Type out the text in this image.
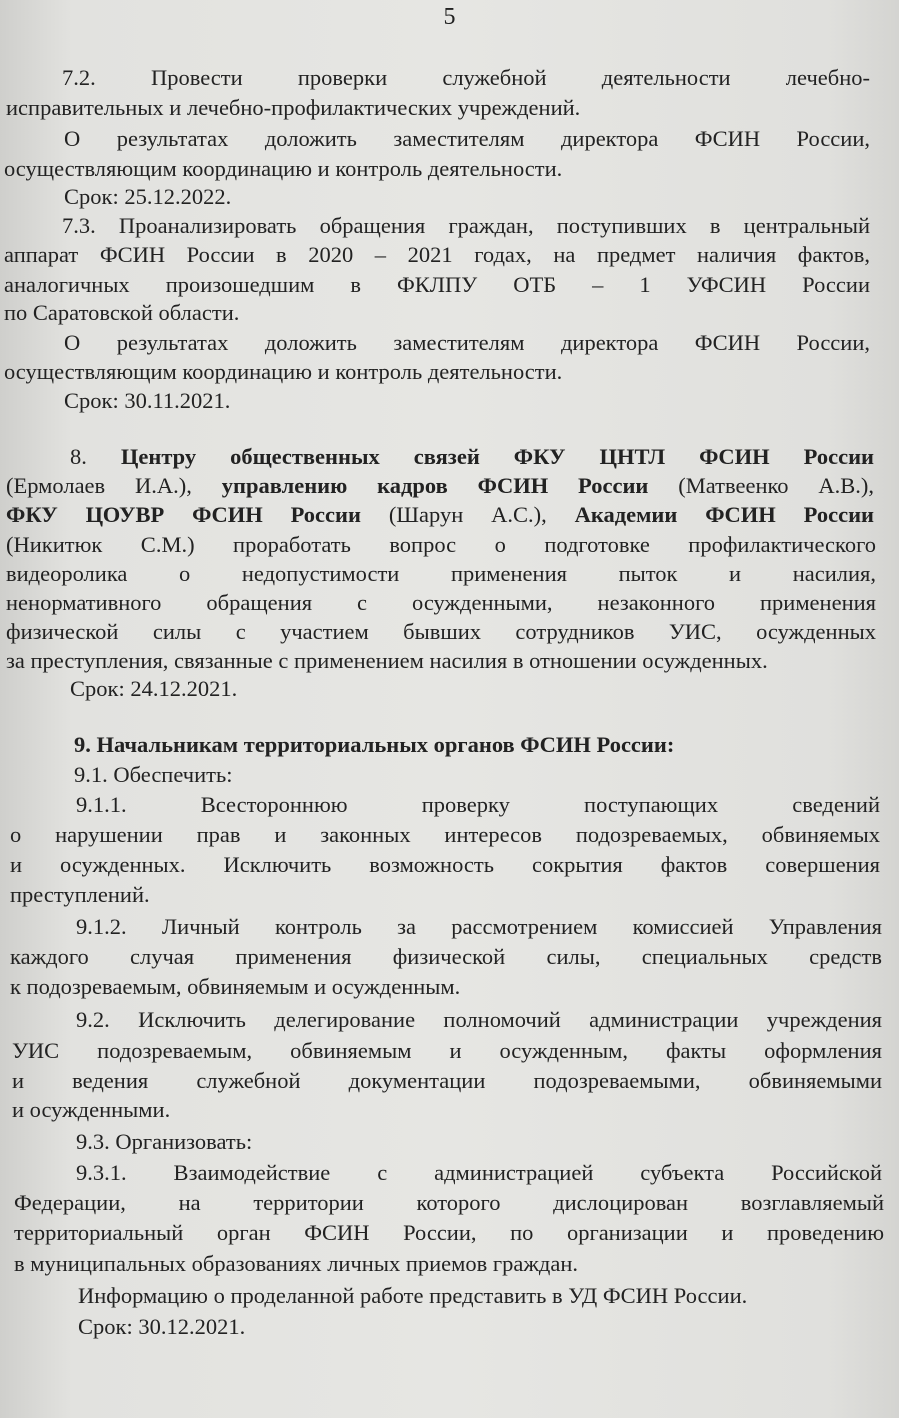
5
7.2. Провести проверки служебной деятельности лечебно-
исправительных и лечебно-профилактических учреждений.
О результатах доложить заместителям директора ФСИН России,
осуществляющим координацию и контроль деятельности.
Срок: 25.12.2022.
7.3. Проанализировать обращения граждан, поступивших в центральный
аппарат ФСИН России в 2020 – 2021 годах, на предмет наличия фактов,
аналогичных произошедшим в ФКЛПУ ОТБ – 1 УФСИН России
по Саратовской области.
О результатах доложить заместителям директора ФСИН России,
осуществляющим координацию и контроль деятельности.
Срок: 30.11.2021.
8. Центру общественных связей ФКУ ЦНТЛ ФСИН России
(Ермолаев И.А.), управлению кадров ФСИН России (Матвеенко А.В.),
ФКУ ЦОУВР ФСИН России (Шарун А.С.), Академии ФСИН России
(Никитюк С.М.) проработать вопрос о подготовке профилактического
видеоролика о недопустимости применения пыток и насилия,
ненормативного обращения с осужденными, незаконного применения
физической силы с участием бывших сотрудников УИС, осужденных
за преступления, связанные с применением насилия в отношении осужденных.
Срок: 24.12.2021.
9. Начальникам территориальных органов ФСИН России:
9.1. Обеспечить:
9.1.1. Всестороннюю проверку поступающих сведений
о нарушении прав и законных интересов подозреваемых, обвиняемых
и осужденных. Исключить возможность сокрытия фактов совершения
преступлений.
9.1.2. Личный контроль за рассмотрением комиссией Управления
каждого случая применения физической силы, специальных средств
к подозреваемым, обвиняемым и осужденным.
9.2. Исключить делегирование полномочий администрации учреждения
УИС подозреваемым, обвиняемым и осужденным, факты оформления
и ведения служебной документации подозреваемыми, обвиняемыми
и осужденными.
9.3. Организовать:
9.3.1. Взаимодействие с администрацией субъекта Российской
Федерации, на территории которого дислоцирован возглавляемый
территориальный орган ФСИН России, по организации и проведению
в муниципальных образованиях личных приемов граждан.
Информацию о проделанной работе представить в УД ФСИН России.
Срок: 30.12.2021.
